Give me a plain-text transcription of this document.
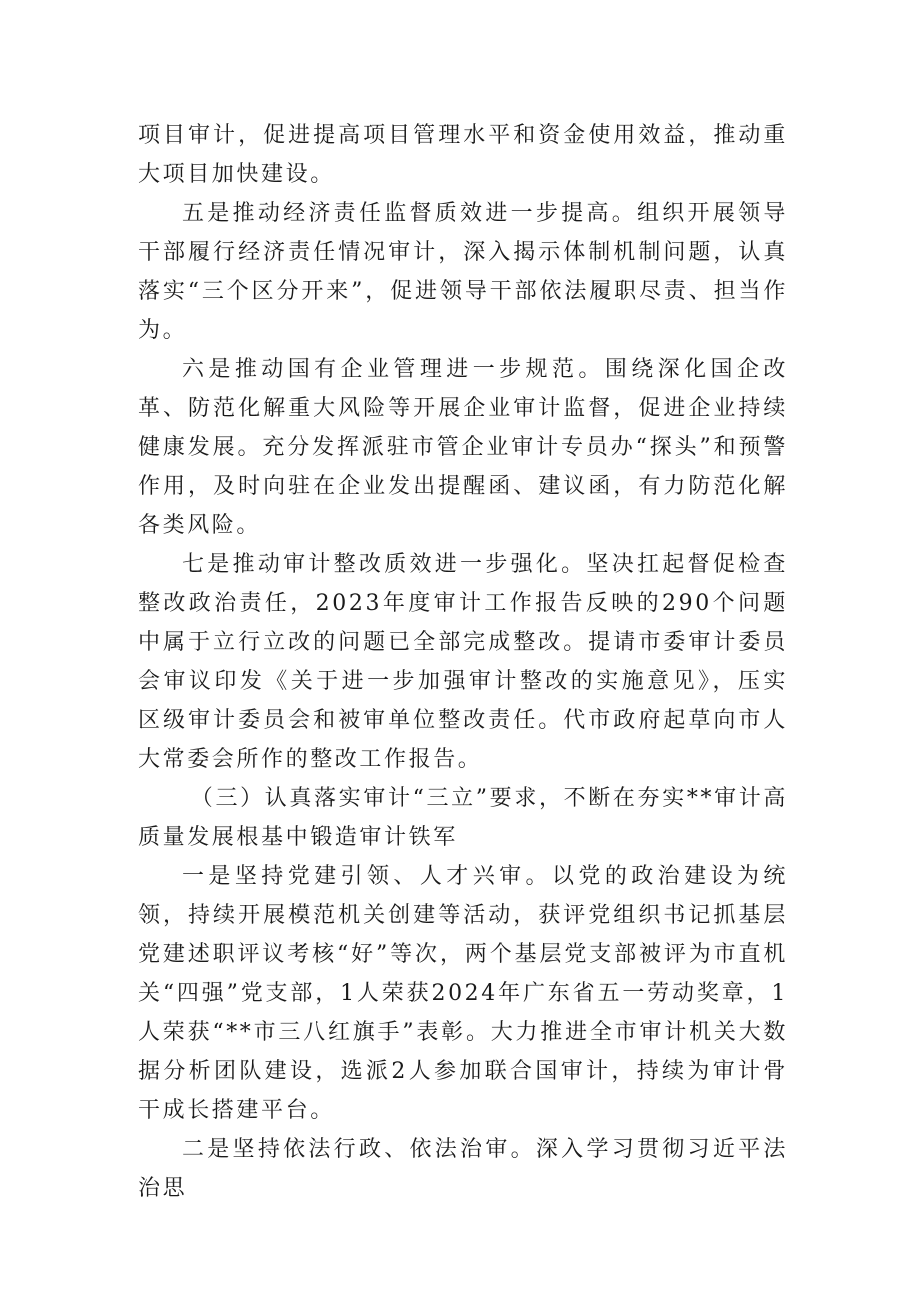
项目审计，促进提高项目管理水平和资金使用效益，推动重大项目加快建设。

五是推动经济责任监督质效进一步提高。组织开展领导干部履行经济责任情况审计，深入揭示体制机制问题，认真落实“三个区分开来”，促进领导干部依法履职尽责、担当作为。

六是推动国有企业管理进一步规范。围绕深化国企改革、防范化解重大风险等开展企业审计监督，促进企业持续健康发展。充分发挥派驻市管企业审计专员办“探头”和预警作用，及时向驻在企业发出提醒函、建议函，有力防范化解各类风险。

七是推动审计整改质效进一步强化。坚决扛起督促检查整改政治责任，2023年度审计工作报告反映的290个问题中属于立行立改的问题已全部完成整改。提请市委审计委员会审议印发《关于进一步加强审计整改的实施意见》，压实区级审计委员会和被审单位整改责任。代市政府起草向市人大常委会所作的整改工作报告。

（三）认真落实审计“三立”要求，不断在夯实**审计高质量发展根基中锻造审计铁军

一是坚持党建引领、人才兴审。以党的政治建设为统领，持续开展模范机关创建等活动，获评党组织书记抓基层党建述职评议考核“好”等次，两个基层党支部被评为市直机关“四强”党支部，1人荣获2024年广东省五一劳动奖章，1人荣获“**市三八红旗手”表彰。大力推进全市审计机关大数据分析团队建设，选派2人参加联合国审计，持续为审计骨干成长搭建平台。

二是坚持依法行政、依法治审。深入学习贯彻习近平法治思
